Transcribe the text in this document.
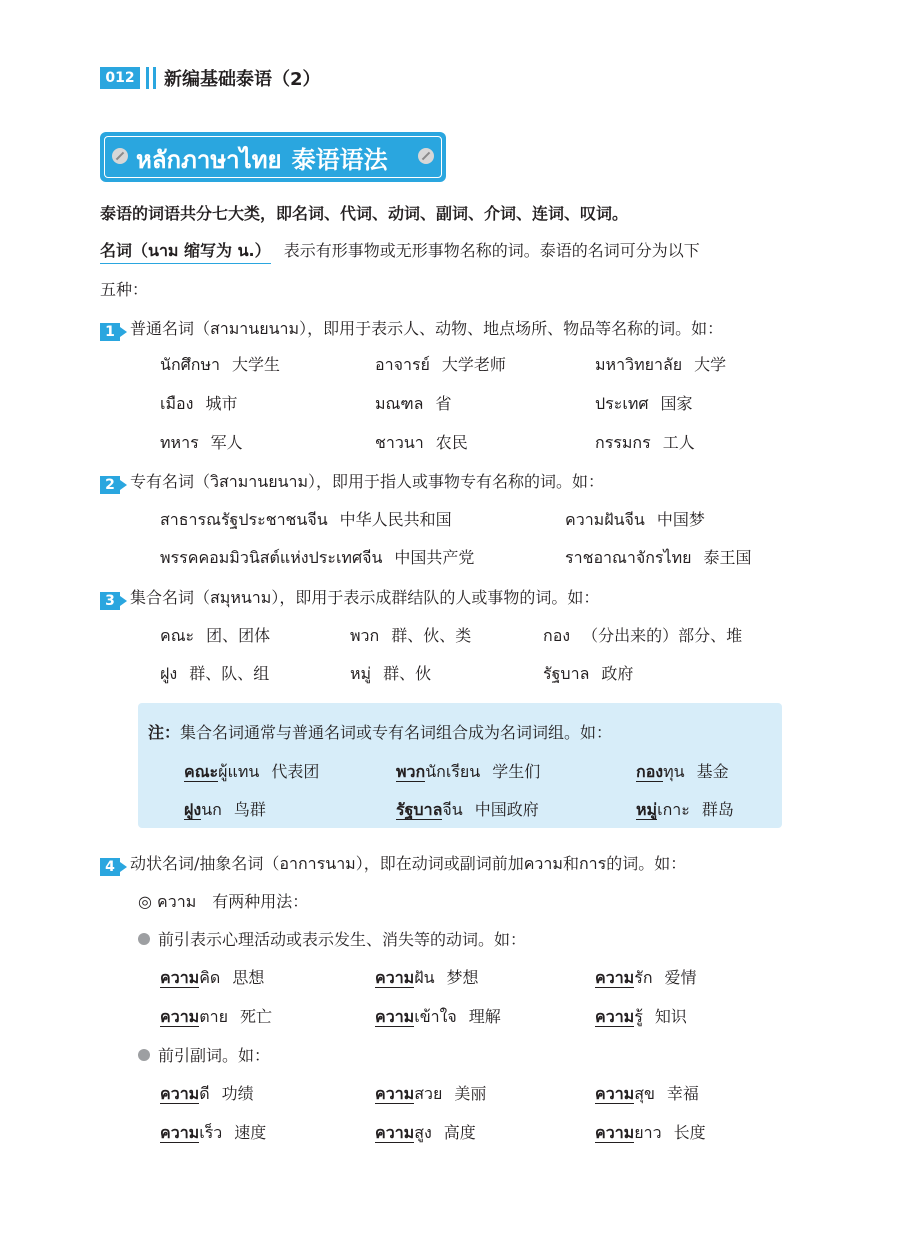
012 新编基础泰语（2）
หลักภาษาไทย 泰语语法
泰语的词语共分七大类，即名词、代词、动词、副词、介词、连词、叹词。
名词（นาม 缩写为 น.） 表示有形事物或无形事物名称的词。泰语的名词可分为以下
五种：
1 普通名词（สามานยนาม），即用于表示人、动物、地点场所、物品等名称的词。如：
นักศึกษา 大学生	อาจารย์ 大学老师	มหาวิทยาลัย 大学
เมือง 城市	มณฑล 省	ประเทศ 国家
ทหาร 军人	ชาวนา 农民	กรรมกร 工人
2 专有名词（วิสามานยนาม），即用于指人或事物专有名称的词。如：
สาธารณรัฐประชาชนจีน 中华人民共和国	ความฝันจีน 中国梦
พรรคคอมมิวนิสต์แห่งประเทศจีน 中国共产党	ราชอาณาจักรไทย 泰王国
3 集合名词（สมุหนาม），即用于表示成群结队的人或事物的词。如：
คณะ 团、团体	พวก 群、伙、类	กอง （分出来的）部分、堆
ฝูง 群、队、组	หมู่ 群、伙	รัฐบาล 政府
注：集合名词通常与普通名词或专有名词组合成为名词词组。如：
คณะผู้แทน 代表团	พวกนักเรียน 学生们	กองทุน 基金
ฝูงนก 鸟群	รัฐบาลจีน 中国政府	หมู่เกาะ 群岛
4 动状名词/抽象名词（อาการนาม），即在动词或副词前加ความ和การ的词。如：
◎ ความ　有两种用法：
前引表示心理活动或表示发生、消失等的动词。如：
ความคิด 思想	ความฝัน 梦想	ความรัก 爱情
ความตาย 死亡	ความเข้าใจ 理解	ความรู้ 知识
前引副词。如：
ความดี 功绩	ความสวย 美丽	ความสุข 幸福
ความเร็ว 速度	ความสูง 高度	ความยาว 长度
